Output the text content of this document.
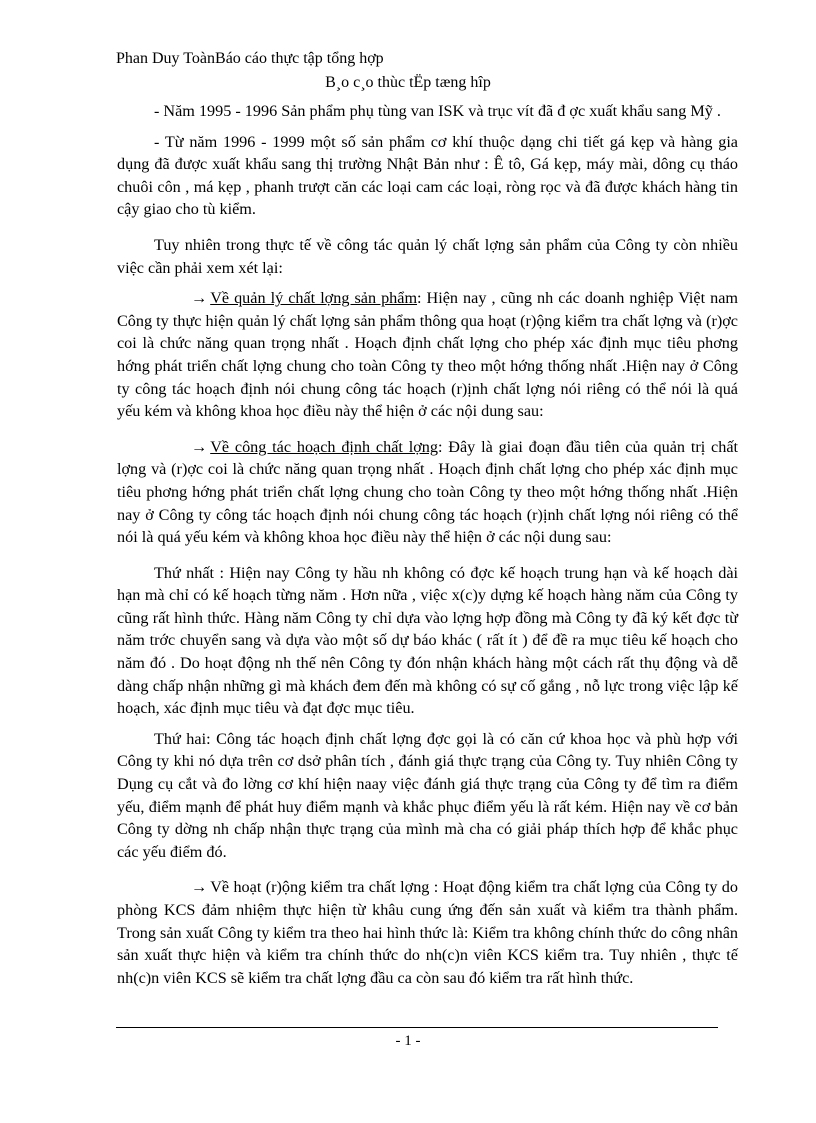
Phan Duy ToànBáo cáo thực tập tổng hợp
B¸o c¸o thùc tËp tæng hîp

- Năm 1995 - 1996 Sản phẩm phụ tùng van ISK và trục vít đã đ ợc xuất khẩu sang Mỹ .

- Từ năm 1996 - 1999 một số sản phẩm cơ khí thuộc dạng chi tiết gá kẹp và hàng gia dụng đã được xuất khẩu sang thị trường Nhật Bản như : Ê tô, Gá kẹp, máy mài, dông cụ tháo chuôi côn , má kẹp , phanh trượt căn các loại cam các loại, ròng rọc và đã được khách hàng tin cậy giao cho tù kiểm.

Tuy nhiên trong thực tế về công tác quản lý chất lợng sản phẩm của Công ty còn nhiều việc cần phải xem xét lại:

→ Về quản lý chất lợng sản phẩm: Hiện nay , cũng nh các doanh nghiệp Việt nam Công ty thực hiện quản lý chất lợng sản phẩm thông qua hoạt (r)ộng kiểm tra chất lợng và (r)ợc coi là chức năng quan trọng nhất . Hoạch định chất lợng cho phép xác định mục tiêu phơng hớng phát triển chất lợng chung cho toàn Công ty theo một hớng thống nhất .Hiện nay ở Công ty công tác hoạch định nói chung công tác hoạch (r)ịnh chất lợng nói riêng có thể nói là quá yếu kém và không khoa học điều này thể hiện ở các nội dung sau:

→ Về công tác hoạch định chất lợng: Đây là giai đoạn đầu tiên của quản trị chất lợng và (r)ợc coi là chức năng quan trọng nhất . Hoạch định chất lợng cho phép xác định mục tiêu phơng hớng phát triển chất lợng chung cho toàn Công ty theo một hớng thống nhất .Hiện nay ở Công ty công tác hoạch định nói chung công tác hoạch (r)ịnh chất lợng nói riêng có thể nói là quá yếu kém và không khoa học điều này thể hiện ở các nội dung sau:

Thứ nhất : Hiện nay Công ty hầu nh không có đợc kế hoạch trung hạn và kế hoạch dài hạn mà chỉ có kế hoạch từng năm . Hơn nữa , việc x(c)y dựng kế hoạch hàng năm của Công ty cũng rất hình thức. Hàng năm Công ty chỉ dựa vào lợng hợp đồng mà Công ty đã ký kết đợc từ năm trớc chuyển sang và dựa vào một số dự báo khác ( rất ít ) để đề ra mục tiêu kế hoạch cho năm đó . Do hoạt động nh thế nên Công ty đón nhận khách hàng một cách rất thụ động và dễ dàng chấp nhận những gì mà khách đem đến mà không có sự cố gắng , nỗ lực trong việc lập kế hoạch, xác định mục tiêu và đạt đợc mục tiêu.

Thứ hai: Công tác hoạch định chất lợng đợc gọi là có căn cứ khoa học và phù hợp với Công ty khi nó dựa trên cơ dsở phân tích , đánh giá thực trạng của Công ty. Tuy nhiên Công ty Dụng cụ cắt và đo lờng cơ khí hiện naay việc đánh giá thực trạng của Công ty để tìm ra điểm yếu, điểm mạnh để phát huy điểm mạnh và khắc phục điểm yếu là rất kém. Hiện nay về cơ bản Công ty dờng nh chấp nhận thực trạng của mình mà cha có giải pháp thích hợp để khắc phục các yếu điểm đó.

→ Về hoạt (r)ộng kiểm tra chất lợng : Hoạt động kiểm tra chất lợng của Công ty do phòng KCS đảm nhiệm thực hiện từ khâu cung ứng đến sản xuất và kiểm tra thành phẩm. Trong sản xuất Công ty kiểm tra theo hai hình thức là: Kiểm tra không chính thức do công nhân sản xuất thực hiện và kiểm tra chính thức do nh(c)n viên KCS kiểm tra. Tuy nhiên , thực tế nh(c)n viên KCS sẽ kiểm tra chất lợng đầu ca còn sau đó kiểm tra rất hình thức.

- 1 -
